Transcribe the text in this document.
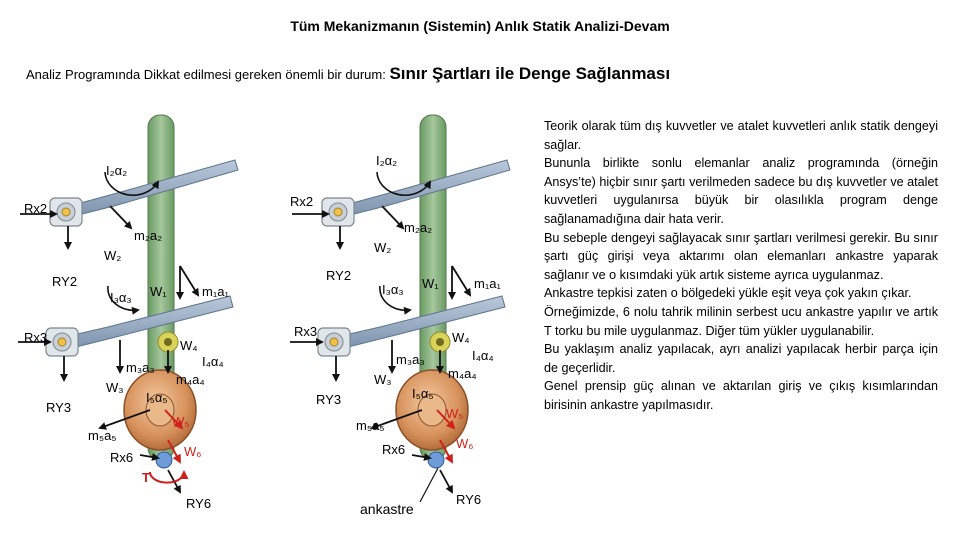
Tüm Mekanizmanın (Sistemin) Anlık Statik Analizi-Devam
Analiz Programında Dikkat edilmesi gereken önemli bir durum: Sınır Şartları ile Denge Sağlanması
I₂α₂
Rx2
m₂a₂
W₂
RY2
I₃α₃ W₁	m₁a₁
Rx3
W₄
I₄α₄
m₃a₃
m₄a₄
W₃
RY3
I₅α₅
W₅
m₅a₅
Rx6	W₆
T
RY6
I₂α₂
Rx2
m₂a₂
W₂
RY2
I₃α₃ W₁	m₁a₁
Rx3	W₄
I₄α₄
m₃a₃
m₄a₄
W₃
RY3	I₅α₅
W₅
m₅a₅
Rx6	W₆
ankastre
RY6

Teorik olarak tüm dış kuvvetler ve atalet kuvvetleri anlık statik dengeyi sağlar.

Bununla birlikte sonlu elemanlar analiz programında (örneğin Ansys’te) hiçbir sınır şartı verilmeden sadece bu dış kuvvetler ve atalet kuvvetleri uygulanırsa büyük bir olasılıkla program denge sağlanamadığına dair hata verir.

Bu sebeple dengeyi sağlayacak sınır şartları verilmesi gerekir. Bu sınır şartı güç girişi veya aktarımı olan elemanları ankastre yaparak sağlanır ve o kısımdaki yük artık sisteme ayrıca uygulanmaz.

Ankastre tepkisi zaten o bölgedeki yükle eşit veya çok yakın çıkar.

Örneğimizde, 6 nolu tahrik milinin serbest ucu ankastre yapılır ve artık T torku bu mile uygulanmaz. Diğer tüm yükler uygulanabilir.

Bu yaklaşım analiz yapılacak, ayrı analizi yapılacak herbir parça için de geçerlidir.

Genel prensip güç alınan ve aktarılan giriş ve çıkış kısımlarından birisinin ankastre yapılmasıdır.
